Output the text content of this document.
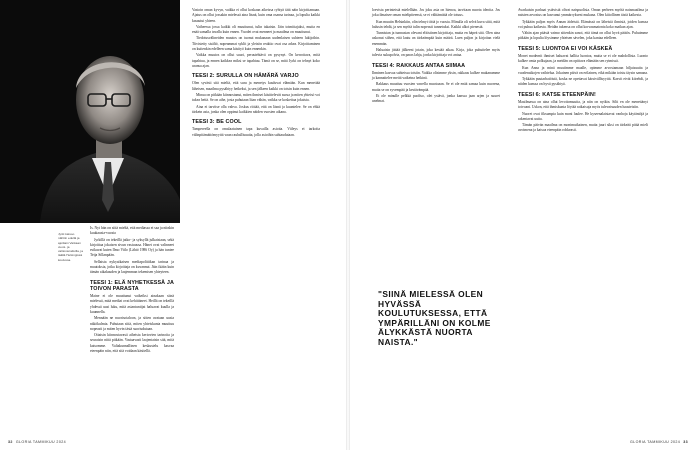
Jyrki katsoo nähtiin edellä ja ajoittain Varkaan vuosi- ja valtiovierailuilla, ja täällä Helsingissä koulussa.

Is. Nyt hän on siitä mieltä, että mediassa ei saa ja niinkin kuukausia-vuosia

Jyrkillä on tekeillä jatko- ja syksyllä julkaistaan, sekä kirjoittaa jokaisen sivun vastuussa. Hänet ovat valinneet esikuvat kuten Ilmo Viilo (Lähtö 1986 Oy) ja hän tuntee Teija Sillanpään.

Sellaista nykyaikaisen mediapolitiikan tarinaa ja muutoksia, jotka kirjoittaja on kuvannut. Jäin ikään kuin tämän aikakauden ja laajemman tekemisen yhteyteen.

TEESI 1: ELÄ NYHETKESSÄ JA TOIVON PARASTA

Maine ei ole muuttunut vaikeiksi ainakaan siinä mielessä, mitä mediat ovat kehittäneet. Heillä on tekeillä yhdessä uusi luku, mitä asiantuntijat haluavat kuulla ja kuunnella.

Mennään ne nuorisotaloon, ja sitten avataan uusia näkökulmia. Puhutaan siitä, miten yhteiskunta muuttuu nopeasti ja miten hyvin tästä suoriudutaan.

Ottaisin kiinnostavasti aiheista kertovien tarinoita ja seuraisin niitä pitkään. Vastaavasti laajentaisin sitä, mitä katsomme. Valtakunnallinen keskustelu kasvaa eteenpäin niin, että sitä voidaan käsitellä.

Vastoin oman kyvyn, vaikka ei ollut koskaan aikeissa ryhtyä tätä näin kirjoittamaan. Ajatus on ollut jossakin mielessä aina läsnä, kuin oma osansa tarinaa, ja lopulta kaikki kasautui yhteen.

Vaiheessa jossa kaikki oli muuttunut, tulin takaisin. Jäin toimittajaksi, mutta en enää samalla tavalla kuin ennen. Vuodet ovat menneet ja maailma on muuttunut.

Tiedotusvälineiden muutos on tuonut mukanaan uudenlaisen suhteen lukijoihin. Tiivistetty sisältö, nopeammat syklit ja yleisön reaktio ovat osa arkea. Kirjoittaminen on kuitenkin edelleen sama käsityö kuin ennenkin.

Vaikka muutos on ollut suuri, perustehtävä on pysynyt. On kerrottava, mitä tapahtuu, ja ennen kaikkea miksi se tapahtuu. Tämä on se, mitä Jyrki on tehnyt koko uransa ajan.

TEESI 2: SURULLA ON HÄMÄRÄ VARJO

Olen syvästi sitä mieltä, että suru ja menetys kuuluvat elämään. Kun menettää läheisen, maailma pysähtyy hetkeksi, ja sen jälkeen kaikki on toisin kuin ennen.

Minua on pitkään kiinnostanut, miten ihmiset käsittelevät surua ja miten yhteisö voi tukea heitä. Se on aihe, josta puhutaan liian vähän, vaikka se koskettaa jokaista.

Aina ei tarvitse olla vahva. Joskus riittää, että on läsnä ja kuuntelee. Se on ehkä tärkein asia, jonka olen oppinut kaikkien näiden vuosien aikana.

TEESI 3: BE COOL

Tampereella on omalaatuinen tapa kuvailla asioita. Viileys ei tarkoita välinpitämättömyyttä vaan rauhallisuutta, jolla asioihin suhtaudutaan.

32 GLORIA TAMMIKUU 2024

loevista perinteistä mielellään. Jos joku asia on hienoa, tarvitaan nuorta ideoita. Jos joku ilmaisee oman mielipiteensä, se ei välttämättä ole totuus.

Kun muutin Helsinkiin, olin tehnyt töitä jo vuosia. Minulla oli selvä kuva siitä, mitä halusin tehdä, ja sen myötä tulin nopeasti tunnetuksi. Kaikki alkoi pienestä.

Tunnistan ja tunnustan olevani elitistinen kirjoittaja, mutta en häpeä sitä. Olen aina uskonut siihen, että laatu on tärkeämpää kuin määrä. Luen paljon ja kirjoitan vielä enemmän.

Haluaisin jättää jälkeeni jotain, joka kestää aikaa. Kirja, joka puhuttelee myös tulevia sukupolvia, on paras lahja, jonka kirjoittaja voi antaa.

TEESI 4: RAKKAUS ANTAA SIIMAA

Ihminen kasvaa suhteissa toisiin. Vaikka olisimme yksin, rakkaus kulkee mukanamme ja kannattelee meitä vaikeina hetkinä.

Rakkaus muuttuu vuosien varrella muotoaan. Se ei ole enää samaa kuin nuorena, mutta se on syvempää ja kestävämpää.

Et ole minulle pelkkä puoliso, olet ystävä, jonka kanssa jaan arjen ja suuret unelmat.

"SIINÄ MIELESSÄ OLEN HYVÄSSÄ KOULUTUKSESSA, ETTÄ YMPÄRILLÄNI ON KOLME ÄLYKKÄSTÄ NUORTA NAISTA."

Avarkaisin parhaat ystävistä olivat naispuolisia. Oman perheen myötä naismaailma ja naisten arvostus on kasvanut ymmärrykseni mukana. Olen kiitollinen tästä kaikesta.

Tykkään paljon myös Annan äideistä. Elämässä on läheisiä ihmisiä, joiden kanssa voi puhua kaikesta. Heidän tukensa on ollut korvaamatonta koko matkan ajan.

Vähän ajan päästä vaimo sittenkin sanoi, että tämä on ollut hyvä päätös. Puhuimme pitkään ja lopulta löysimme yhteisen sävelen, joka kantaa edelleen.

TEESI 5: LUONTOA EI VOI KÄSKEÄ

Monet modernit ihmiset haluavat hallita luontoa, mutta se ei ole mahdollista. Luonto kulkee omia polkujaan, ja meidän on opittava elämään sen rytmissä.

Kun Anna ja minä muutimme maalle, opimme arvostamaan hiljaisuutta ja vuodenaikojen vaihtelua. Jokainen päivä on erilainen, eikä mikään toistu täysin samana.

Tykkään puutarhatöistä, koska ne opettavat kärsivällisyyttä. Kasvit eivät kiirehdi, ja niiden kanssa on hyvä pysähtyä.

TEESI 6: KATSE ETEENPÄIN!

Maailmassa on aina ollut levottomuutta, ja niin on nytkin. Silti en ole menettänyt toivoani. Uskon, että ihmiskunta löytää ratkaisuja myös tulevaisuuden haasteisiin.

Nuoret ovat fiksumpia kuin moni luulee. He kyseenalaistavat vanhoja käytäntöjä ja rakentavat uutta.

Tämän päivän maailma on monimutkainen, mutta juuri siksi on tärkeää pitää mieli avoimena ja katsoa eteenpäin rohkeasti.

GLORIA TAMMIKUU 2024 33
